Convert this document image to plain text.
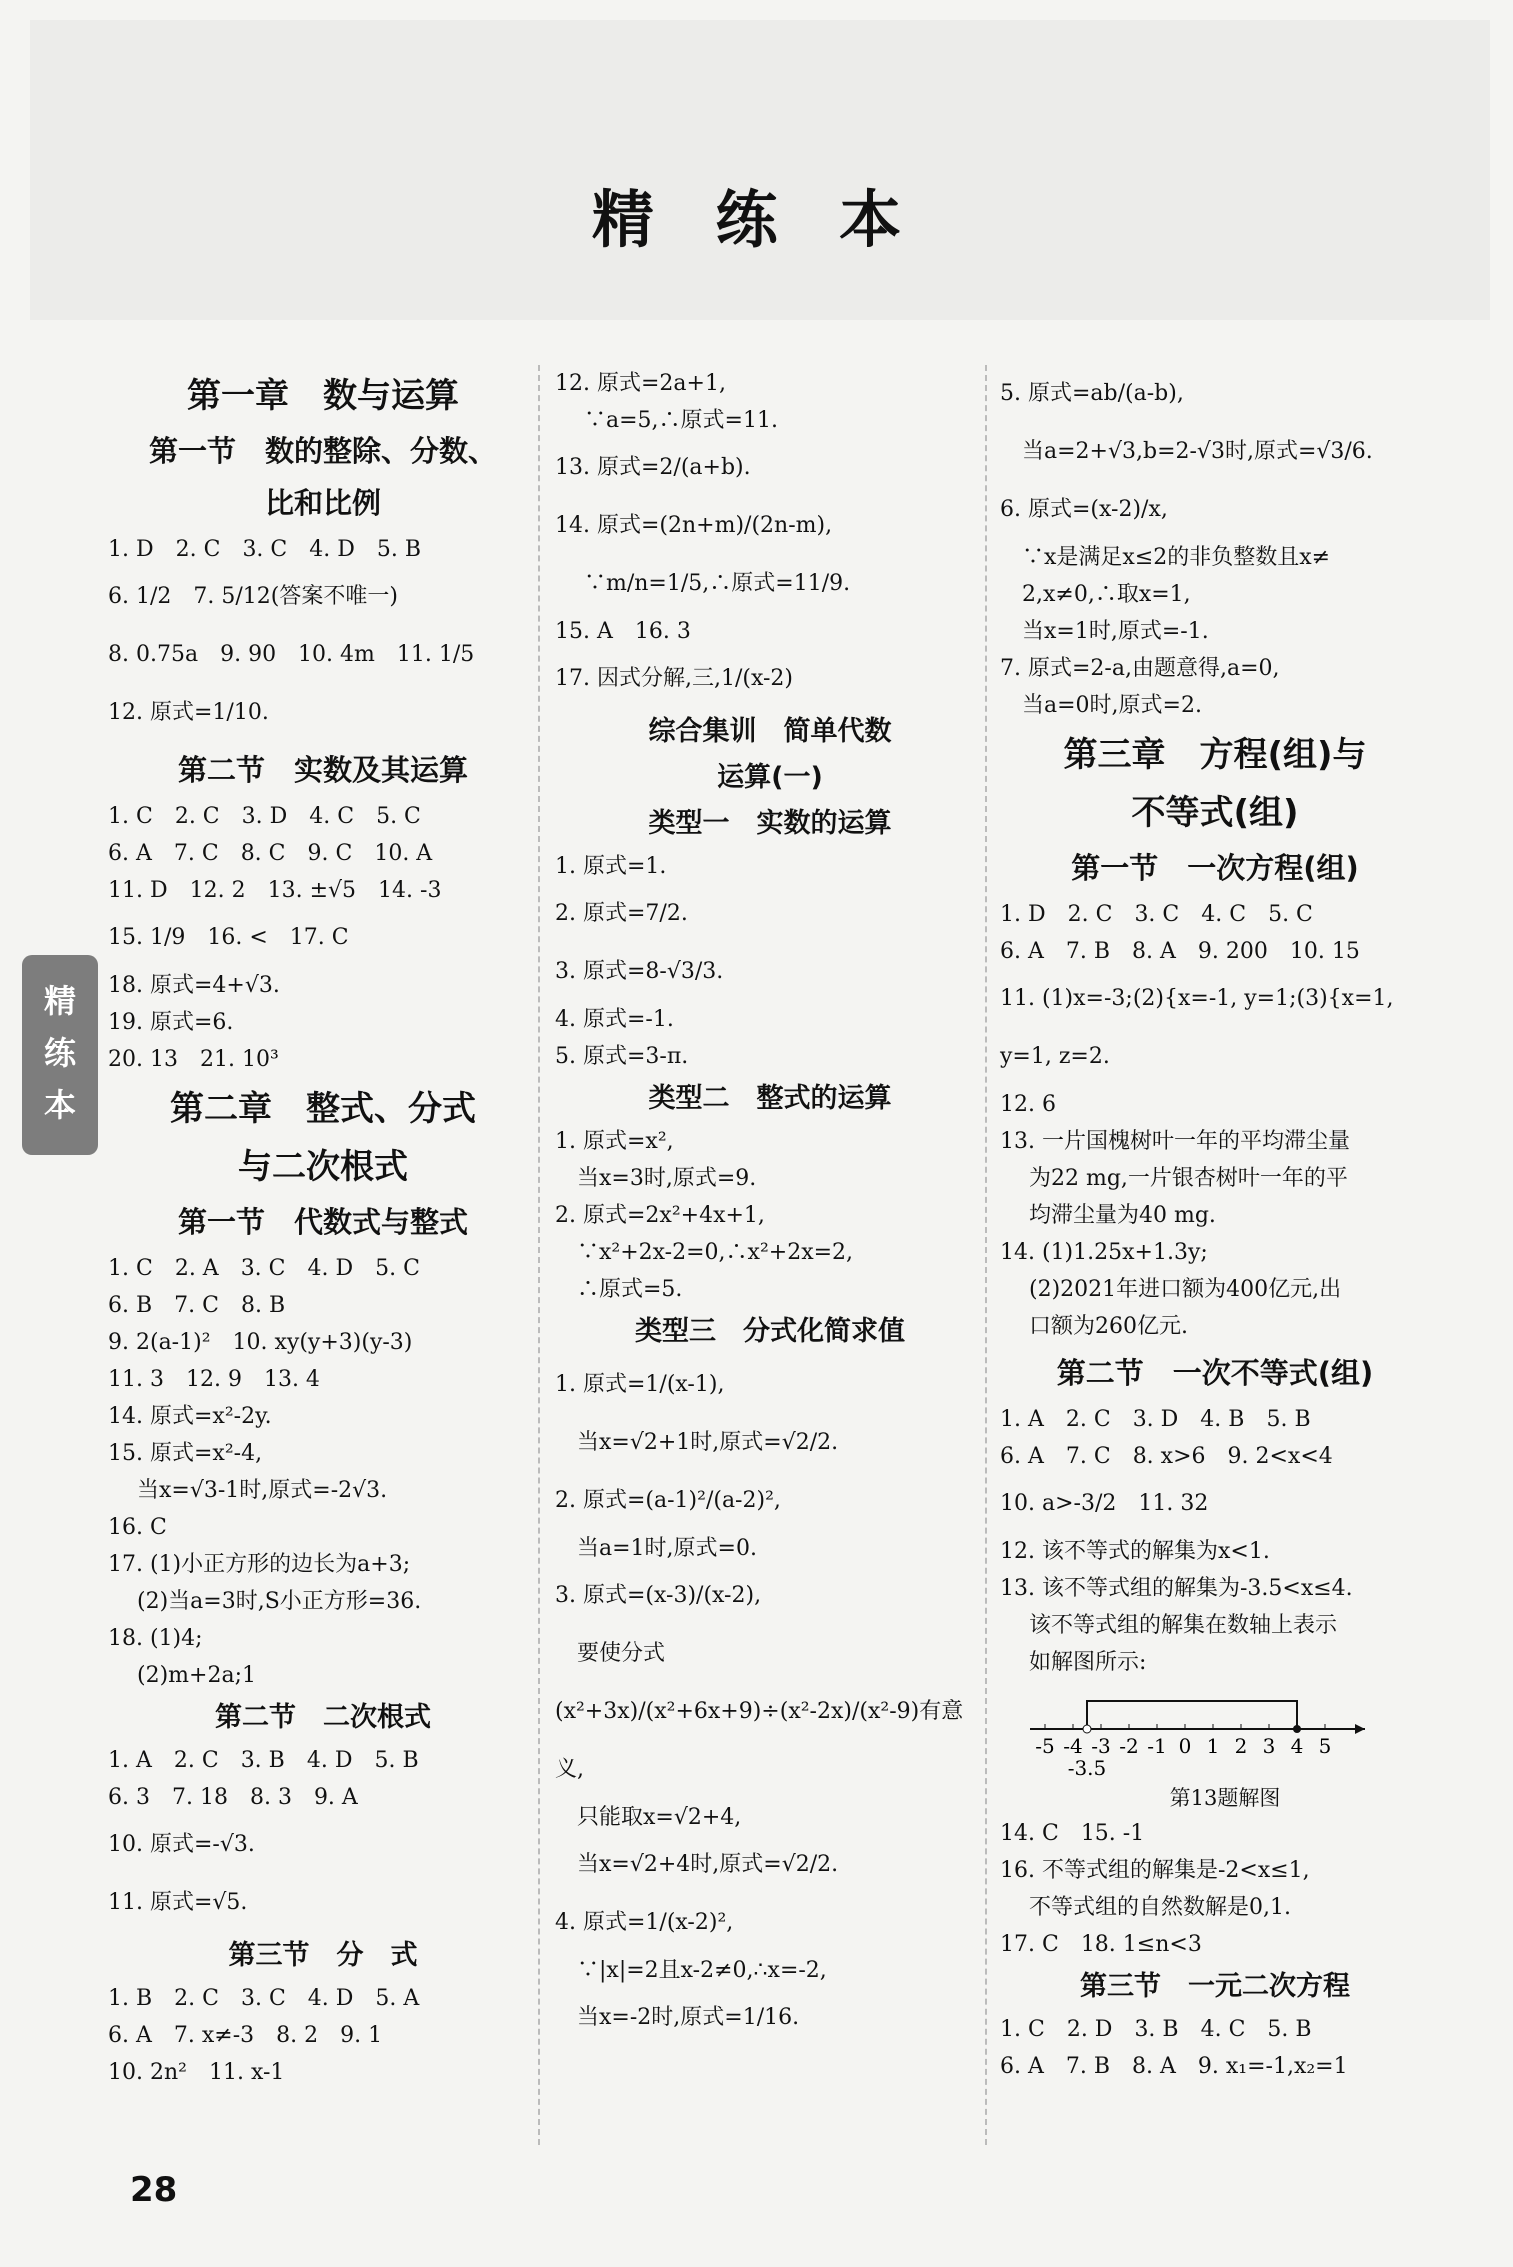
精 练 本
第一章　数与运算
第一节　数的整除、分数、
比和比例
1. D　2. C　3. C　4. D　5. B
6. 1/2　7. 5/12(答案不唯一)
8. 0.75a　9. 90　10. 4m　11. 1/5
12. 原式=1/10.
第二节　实数及其运算
1. C　2. C　3. D　4. C　5. C
6. A　7. C　8. C　9. C　10. A
11. D　12. 2　13. ±√5　14. -3
15. 1/9　16. <　17. C
18. 原式=4+√3.
19. 原式=6.
20. 13　21. 10³
第二章　整式、分式
与二次根式
第一节　代数式与整式
1. C　2. A　3. C　4. D　5. C
6. B　7. C　8. B
9. 2(a-1)²　10. xy(y+3)(y-3)
11. 3　12. 9　13. 4
14. 原式=x²-2y.
15. 原式=x²-4,
　 当x=√3-1时,原式=-2√3.
16. C
17. (1)小正方形的边长为a+3;
　 (2)当a=3时,S小正方形=36.
18. (1)4;
　 (2)m+2a;1
第二节　二次根式
1. A　2. C　3. B　4. D　5. B
6. 3　7. 18　8. 3　9. A
10. 原式=-√3.
11. 原式=√5.
第三节　分　式
1. B　2. C　3. C　4. D　5. A
6. A　7. x≠-3　8. 2　9. 1
10. 2n²　11. x-1
12. 原式=2a+1,
　 ∵a=5,∴原式=11.
13. 原式=2/(a+b).
14. 原式=(2n+m)/(2n-m),
　 ∵m/n=1/5,∴原式=11/9.
15. A　16. 3
17. 因式分解,三,1/(x-2)
综合集训　简单代数
运算(一)
类型一　实数的运算
1. 原式=1.
2. 原式=7/2.
3. 原式=8-√3/3.
4. 原式=-1.
5. 原式=3-π.
类型二　整式的运算
1. 原式=x²,
　当x=3时,原式=9.
2. 原式=2x²+4x+1,
　∵x²+2x-2=0,∴x²+2x=2,
　∴原式=5.
类型三　分式化简求值
1. 原式=1/(x-1),
　当x=√2+1时,原式=√2/2.
2. 原式=(a-1)²/(a-2)²,
　当a=1时,原式=0.
3. 原式=(x-3)/(x-2),
　要使分式(x²+3x)/(x²+6x+9)÷(x²-2x)/(x²-9)有意义,
　只能取x=√2+4,
　当x=√2+4时,原式=√2/2.
4. 原式=1/(x-2)²,
　∵|x|=2且x-2≠0,∴x=-2,
　当x=-2时,原式=1/16.
5. 原式=ab/(a-b),
　当a=2+√3,b=2-√3时,原式=√3/6.
6. 原式=(x-2)/x,
　∵x是满足x≤2的非负整数且x≠
　2,x≠0,∴取x=1,
　当x=1时,原式=-1.
7. 原式=2-a,由题意得,a=0,
　当a=0时,原式=2.
第三章　方程(组)与
不等式(组)
第一节　一次方程(组)
1. D　2. C　3. C　4. C　5. C
6. A　7. B　8. A　9. 200　10. 15
11. (1)x=-3;(2){x=-1, y=1;(3){x=1, y=1, z=2.
12. 6
13. 一片国槐树叶一年的平均滞尘量
　 为22 mg,一片银杏树叶一年的平
　 均滞尘量为40 mg.
14. (1)1.25x+1.3y;
　 (2)2021年进口额为400亿元,出
　 口额为260亿元.
第二节　一次不等式(组)
1. A　2. C　3. D　4. B　5. B
6. A　7. C　8. x>6　9. 2<x<4
10. a>-3/2　11. 32
12. 该不等式的解集为x<1.
13. 该不等式组的解集为-3.5<x≤4.
　 该不等式组的解集在数轴上表示
　 如解图所示:
-5 -4 -3 -2 -1 0 1 2 3 4 5
-3.5
第13题解图
14. C　15. -1
16. 不等式组的解集是-2<x≤1,
　 不等式组的自然数解是0,1.
17. C　18. 1≤n<3
第三节　一元二次方程
1. C　2. D　3. B　4. C　5. B
6. A　7. B　8. A　9. x₁=-1,x₂=1
精练本
28
